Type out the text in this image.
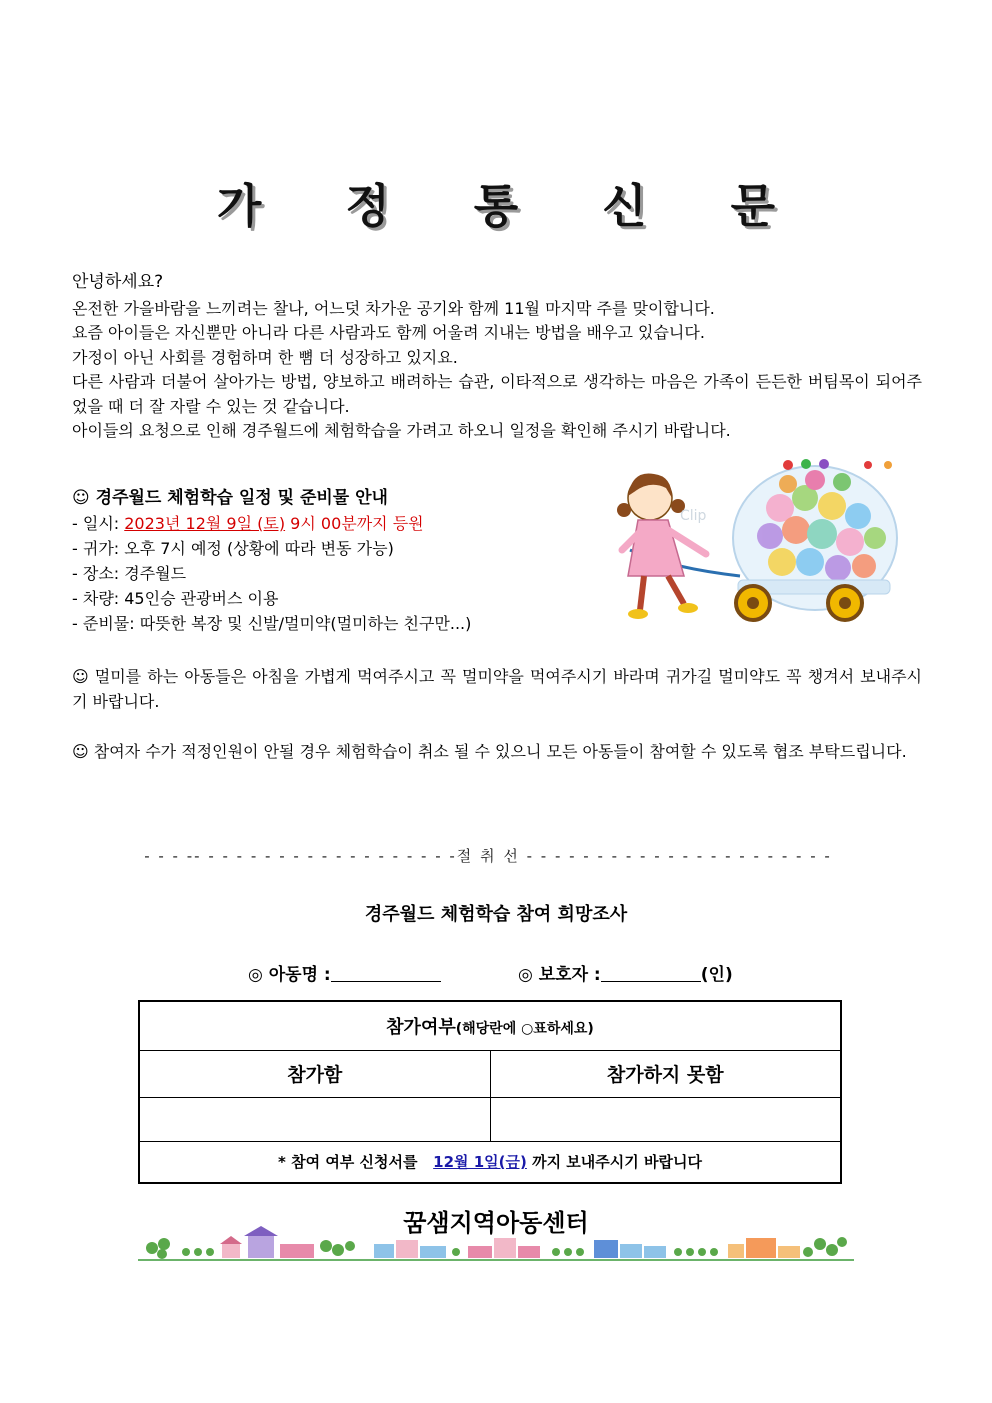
가 정 통 신 문
안녕하세요?

온전한 가을바람을 느끼려는 찰나, 어느덧 차가운 공기와 함께 11월 마지막 주를 맞이합니다.

요즘 아이들은 자신뿐만 아니라 다른 사람과도 함께 어울려 지내는 방법을 배우고 있습니다.

가정이 아닌 사회를 경험하며 한 뼘 더 성장하고 있지요.

다른 사람과 더불어 살아가는 방법, 양보하고 배려하는 습관, 이타적으로 생각하는 마음은 가족이 든든한 버팀목이 되어주었을 때 더 잘 자랄 수 있는 것 같습니다.

아이들의 요청으로 인해 경주월드에 체험학습을 가려고 하오니 일정을 확인해 주시기 바랍니다.

☺ 경주월드 체험학습 일정 및 준비물 안내
- 일시: 2023년 12월 9일 (토) 9시 00분까지 등원
- 귀가: 오후 7시 예정 (상황에 따라 변동 가능)
- 장소: 경주월드
- 차량: 45인승 관광버스 이용
- 준비물: 따뜻한 복장 및 신발/멀미약(멀미하는 친구만...)
Clip
☺ 멀미를 하는 아동들은 아침을 가볍게 먹여주시고 꼭 멀미약을 먹여주시기 바라며 귀가길 멀미약도 꼭 챙겨서 보내주시기 바랍니다.
☺ 참여자 수가 적정인원이 안될 경우 체험학습이 취소 될 수 있으니 모든 아동들이 참여할 수 있도록 협조 부탁드립니다.
- - - -- - - - - - - - - - - - - - - - - - -절 취 선 - - - - - - - - - - - - - - - - - - - - - -
경주월드 체험학습 참여 희망조사
◎ 아동명 :	◎ 보호자 :	(인)
참가여부(해당란에 ○표하세요)	
참가함	참가하지 못함

* 참여 여부 신청서를 12월 1일(금) 까지 보내주시기 바랍니다	
꿈샘지역아동센터
